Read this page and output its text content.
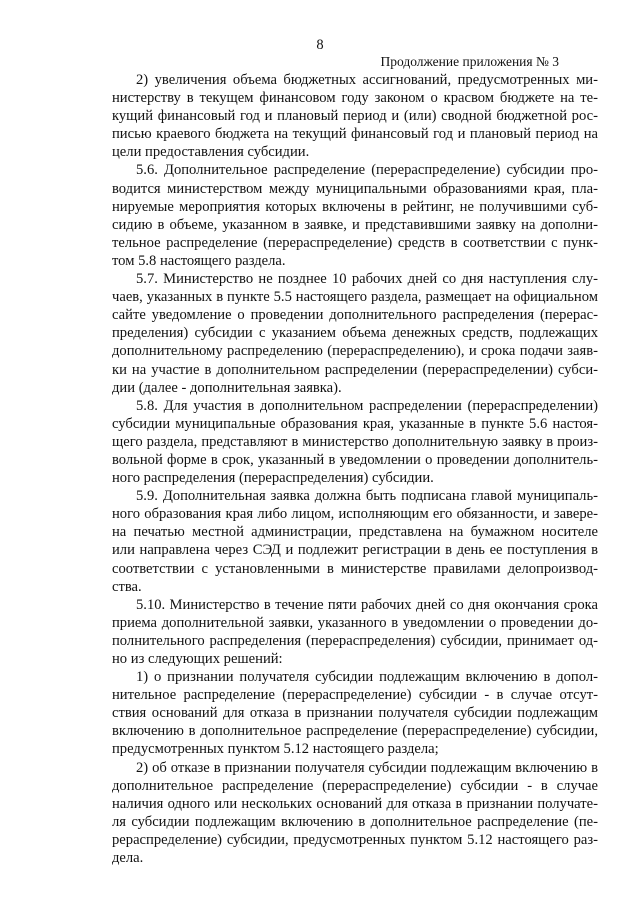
8
Продолжение приложения № 3

2) увеличения объема бюджетных ассигнований, предусмотренных министерству в текущем финансовом году законом о красвом бюджете на текущий финансовый год и плановый период и (или) сводной бюджетной росписью краевого бюджета на текущий финансовый год и плановый период на цели предоставления субсидии.

5.6. Дополнительное распределение (перераспределение) субсидии проводится министерством между муниципальными образованиями края, планируемые мероприятия которых включены в рейтинг, не получившими субсидию в объеме, указанном в заявке, и представившими заявку на дополнительное распределение (перераспределение) средств в соответствии с пунктом 5.8 настоящего раздела.

5.7. Министерство не позднее 10 рабочих дней со дня наступления случаев, указанных в пункте 5.5 настоящего раздела, размещает на официальном сайте уведомление о проведении дополнительного распределения (перераспределения) субсидии с указанием объема денежных средств, подлежащих дополнительному распределению (перераспределению), и срока подачи заявки на участие в дополнительном распределении (перераспределении) субсидии (далее - дополнительная заявка).

5.8. Для участия в дополнительном распределении (перераспределении) субсидии муниципальные образования края, указанные в пункте 5.6 настоящего раздела, представляют в министерство дополнительную заявку в произвольной форме в срок, указанный в уведомлении о проведении дополнительного распределения (перераспределения) субсидии.

5.9. Дополнительная заявка должна быть подписана главой муниципального образования края либо лицом, исполняющим его обязанности, и заверeна печатью местной администрации, представлена на бумажном носителе или направлена через СЭД и подлежит регистрации в день ее поступления в соответствии с установленными в министерстве правилами делопроизводства.

5.10. Министерство в течение пяти рабочих дней со дня окончания срока приема дополнительной заявки, указанного в уведомлении о проведении дополнительного распределения (перераспределения) субсидии, принимает одно из следующих решений:

1) о признании получателя субсидии подлежащим включению в дополнительное распределение (перераспределение) субсидии - в случае отсутствия оснований для отказа в признании получателя субсидии подлежащим включению в дополнительное распределение (перераспределение) субсидии, предусмотренных пунктом 5.12 настоящего раздела;

2) об отказе в признании получателя субсидии подлежащим включению в дополнительное распределение (перераспределение) субсидии - в случае наличия одного или нескольких оснований для отказа в признании получателя субсидии подлежащим включению в дополнительное распределение (перераспределение) субсидии, предусмотренных пунктом 5.12 настоящего раздела.
